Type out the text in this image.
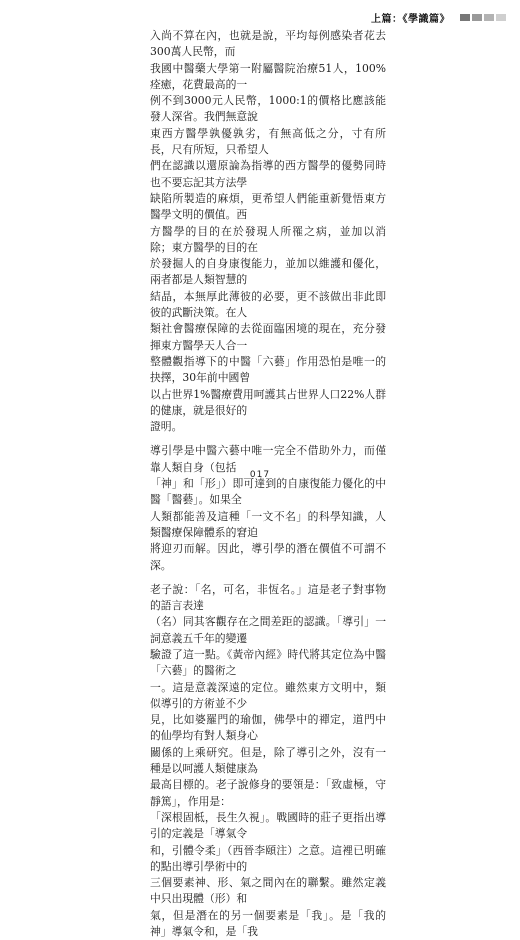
上篇：《學識篇》

入尚不算在內，也就是說，平均每例感染者花去300萬人民幣，而

我國中醫藥大學第一附屬醫院治療51人，100%痊癒，花費最高的一

例不到3000元人民幣，1000:1的價格比應該能發人深省。我們無意說

東西方醫學孰優孰劣，有無高低之分，寸有所長，尺有所短，只希望人

們在認識以還原論為指導的西方醫學的優勢同時也不要忘記其方法學

缺陷所製造的麻煩，更希望人們能重新覺悟東方醫學文明的價值。西

方醫學的目的在於發現人所罹之病，並加以消除；東方醫學的目的在

於發掘人的自身康復能力，並加以維護和優化，兩者都是人類智慧的

結晶，本無厚此薄彼的必要，更不該做出非此即彼的武斷決策。在人

類社會醫療保障的去從面臨困境的現在，充分發揮東方醫學天人合一

整體觀指導下的中醫「六藝」作用恐怕是唯一的抉擇，30年前中國曾

以占世界1%醫療費用呵護其占世界人口22%人群的健康，就是很好的

證明。

導引學是中醫六藝中唯一完全不借助外力，而僅靠人類自身（包括

「神」和「形」）即可達到的自康復能力優化的中醫「醫藝」。如果全

人類都能善及這種「一文不名」的科學知識，人類醫療保障體系的窘迫

將迎刃而解。因此，導引學的潛在價值不可謂不深。

老子說：「名，可名，非恆名。」這是老子對事物的語言表達

（名）同其客觀存在之間差距的認識。「導引」一詞意義五千年的變遷

驗證了這一點。《黃帝內經》時代將其定位為中醫「六藝」的醫術之

一。這是意義深遠的定位。雖然東方文明中，類似導引的方術並不少

見，比如婆羅門的瑜伽，佛學中的禪定，道門中的仙學均有對人類身心

關係的上乘研究。但是，除了導引之外，沒有一種是以呵護人類健康為

最高目標的。老子說修身的要領是：「致虛極，守靜篤」，作用是：

「深根固柢，長生久視」。戰國時的莊子更指出導引的定義是「導氣令

和，引體令柔」（西晉李頤注）之意。這裡已明確的點出導引學術中的

三個要素神、形、氣之間內在的聯繫。雖然定義中只出現體（形）和

氣，但是潛在的另一個要素是「我」。是「我的神」導氣令和，是「我

017
